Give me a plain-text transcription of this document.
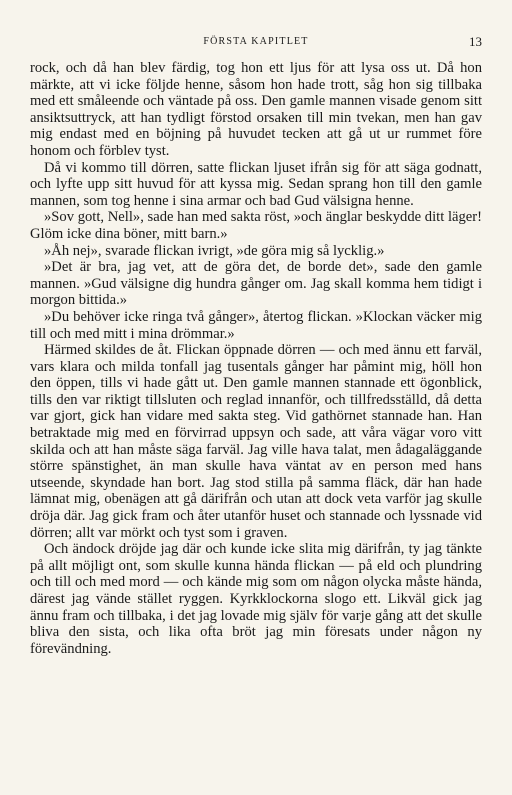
FÖRSTA KAPITLET	13

rock, och då han blev färdig, tog hon ett ljus för att lysa oss ut. Då hon märkte, att vi icke följde henne, såsom hon hade trott, såg hon sig tillbaka med ett småleende och väntade på oss. Den gamle mannen visade genom sitt ansiktsuttryck, att han tydligt förstod orsaken till min tvekan, men han gav mig endast med en böjning på huvudet tecken att gå ut ur rummet före honom och förblev tyst.

Då vi kommo till dörren, satte flickan ljuset ifrån sig för att säga godnatt, och lyfte upp sitt huvud för att kyssa mig. Sedan sprang hon till den gamle mannen, som tog henne i sina armar och bad Gud välsigna henne.

»Sov gott, Nell», sade han med sakta röst, »och änglar beskydde ditt läger! Glöm icke dina böner, mitt barn.»

»Åh nej», svarade flickan ivrigt, »de göra mig så lycklig.»

»Det är bra, jag vet, att de göra det, de borde det», sade den gamle mannen. »Gud välsigne dig hundra gånger om. Jag skall komma hem tidigt i morgon bittida.»

»Du behöver icke ringa två gånger», återtog flickan. »Klockan väcker mig till och med mitt i mina drömmar.»

Härmed skildes de åt. Flickan öppnade dörren — och med ännu ett farväl, vars klara och milda tonfall jag tusentals gånger har påmint mig, höll hon den öppen, tills vi hade gått ut. Den gamle mannen stannade ett ögonblick, tills den var riktigt tillsluten och reglad innanför, och tillfredsställd, då detta var gjort, gick han vidare med sakta steg. Vid gathörnet stannade han. Han betraktade mig med en förvirrad uppsyn och sade, att våra vägar voro vitt skilda och att han måste säga farväl. Jag ville hava talat, men ådagaläggande större spänstighet, än man skulle hava väntat av en person med hans utseende, skyndade han bort. Jag stod stilla på samma fläck, där han hade lämnat mig, obenägen att gå därifrån och utan att dock veta varför jag skulle dröja där. Jag gick fram och åter utanför huset och stannade och lyssnade vid dörren; allt var mörkt och tyst som i graven.

Och ändock dröjde jag där och kunde icke slita mig därifrån, ty jag tänkte på allt möjligt ont, som skulle kunna hända flickan — på eld och plundring och till och med mord — och kände mig som om någon olycka måste hända, därest jag vände stället ryggen. Kyrkklockorna slogo ett. Likväl gick jag ännu fram och tillbaka, i det jag lovade mig själv för varje gång att det skulle bliva den sista, och lika ofta bröt jag min föresats under någon ny förevändning.
